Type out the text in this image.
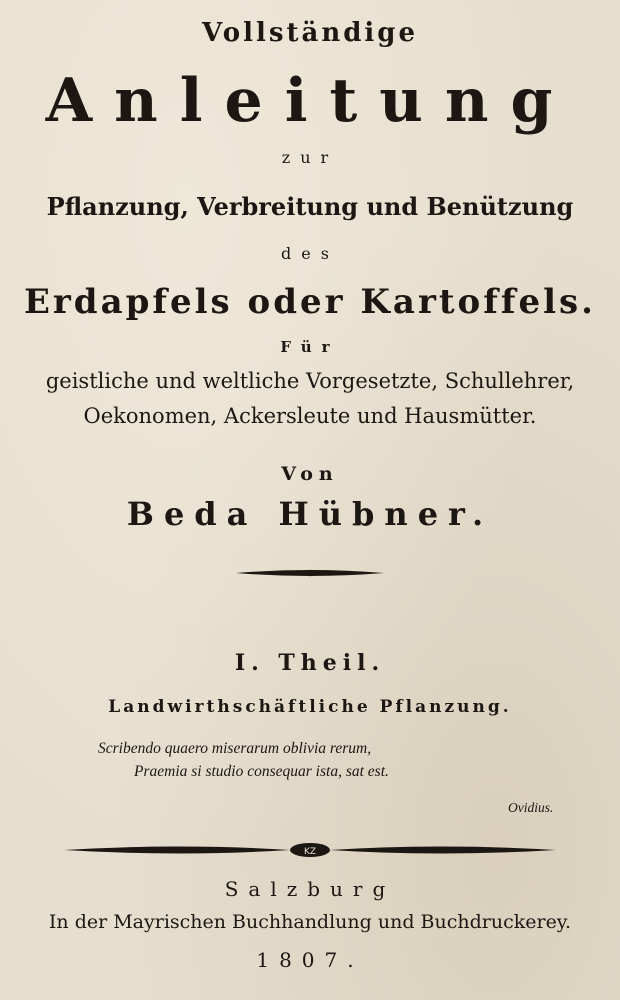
Vollständige
Anleitung
zur
Pflanzung, Verbreitung und Benützung
des
Erdapfels oder Kartoffels.
Für
geistliche und weltliche Vorgesetzte, Schullehrer,
Oekonomen, Ackersleute und Hausmütter.
Von
Beda Hübner.
KZ
I. Theil.
Landwirthschäftliche Pflanzung.
Scribendo quaero miserarum oblivia rerum,
Praemia si studio consequar ista, sat est.
Ovidius.
Salzburg
In der Mayrischen Buchhandlung und Buchdruckerey.
1807.
